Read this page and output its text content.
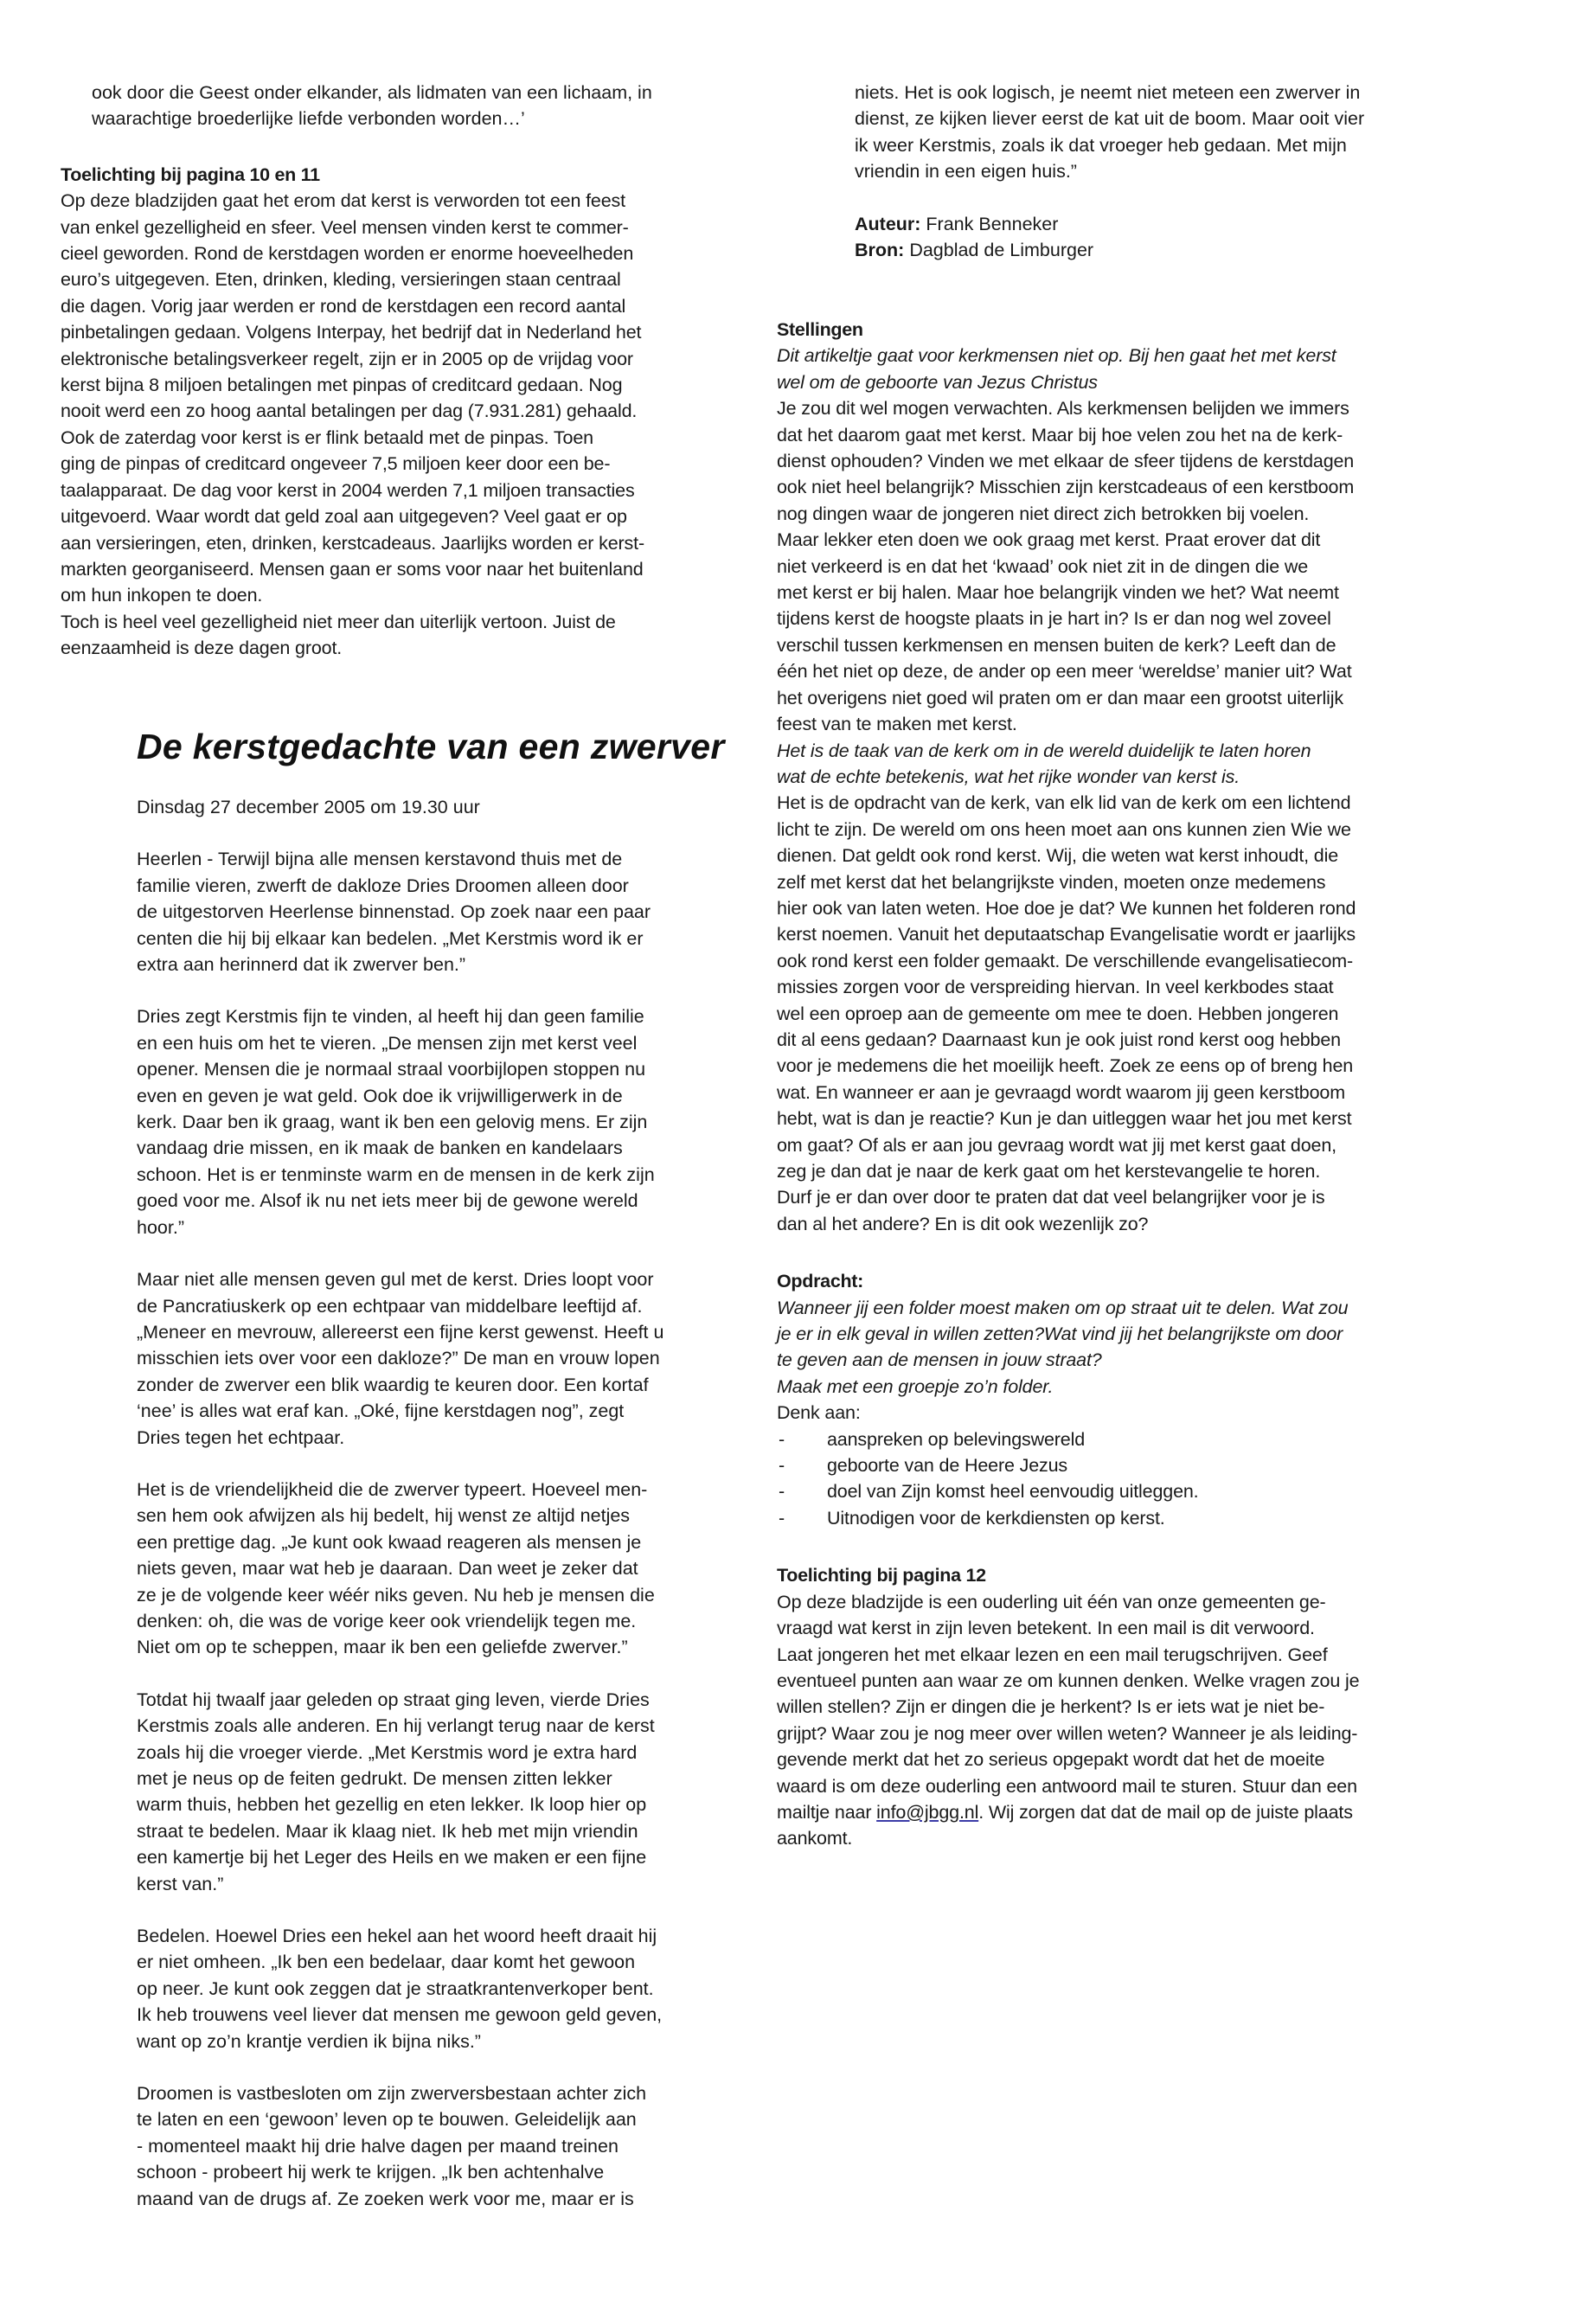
ook door die Geest onder elkander, als lidmaten van een lichaam, in

waarachtige broederlijke liefde verbonden worden…’

Toelichting bij pagina 10 en 11

Op deze bladzijden gaat het erom dat kerst is verworden tot een feest

van enkel gezelligheid en sfeer. Veel mensen vinden kerst te commer-

cieel geworden. Rond de kerstdagen worden er enorme hoeveelheden

euro’s uitgegeven. Eten, drinken, kleding, versieringen staan centraal

die dagen. Vorig jaar werden er rond de kerstdagen een record aantal

pinbetalingen gedaan. Volgens Interpay, het bedrijf dat in Nederland het

elektronische betalingsverkeer regelt, zijn er in 2005 op de vrijdag voor

kerst bijna 8 miljoen betalingen met pinpas of creditcard gedaan. Nog

nooit werd een zo hoog aantal betalingen per dag (7.931.281) gehaald.

Ook de zaterdag voor kerst is er flink betaald met de pinpas. Toen

ging de pinpas of creditcard ongeveer 7,5 miljoen keer door een be-

taalapparaat. De dag voor kerst in 2004 werden 7,1 miljoen transacties

uitgevoerd. Waar wordt dat geld zoal aan uitgegeven? Veel gaat er op

aan versieringen, eten, drinken, kerstcadeaus. Jaarlijks worden er kerst-

markten georganiseerd. Mensen gaan er soms voor naar het buitenland

om hun inkopen te doen.

Toch is heel veel gezelligheid niet meer dan uiterlijk vertoon. Juist de

eenzaamheid is deze dagen groot.

De kerstgedachte van een zwerver

Dinsdag 27 december 2005 om 19.30 uur

Heerlen - Terwijl bijna alle mensen kerstavond thuis met de

familie vieren, zwerft de dakloze Dries Droomen alleen door

de uitgestorven Heerlense binnenstad. Op zoek naar een paar

centen die hij bij elkaar kan bedelen. „Met Kerstmis word ik er

extra aan herinnerd dat ik zwerver ben.”

Dries zegt Kerstmis fijn te vinden, al heeft hij dan geen familie

en een huis om het te vieren. „De mensen zijn met kerst veel

opener. Mensen die je normaal straal voorbijlopen stoppen nu

even en geven je wat geld. Ook doe ik vrijwilligerwerk in de

kerk. Daar ben ik graag, want ik ben een gelovig mens. Er zijn

vandaag drie missen, en ik maak de banken en kandelaars

schoon. Het is er tenminste warm en de mensen in de kerk zijn

goed voor me. Alsof ik nu net iets meer bij de gewone wereld

hoor.”

Maar niet alle mensen geven gul met de kerst. Dries loopt voor

de Pancratiuskerk op een echtpaar van middelbare leeftijd af.

„Meneer en mevrouw, allereerst een fijne kerst gewenst. Heeft u

misschien iets over voor een dakloze?” De man en vrouw lopen

zonder de zwerver een blik waardig te keuren door. Een kortaf

‘nee’ is alles wat eraf kan. „Oké, fijne kerstdagen nog”, zegt

Dries tegen het echtpaar.

Het is de vriendelijkheid die de zwerver typeert. Hoeveel men-

sen hem ook afwijzen als hij bedelt, hij wenst ze altijd netjes

een prettige dag. „Je kunt ook kwaad reageren als mensen je

niets geven, maar wat heb je daaraan. Dan weet je zeker dat

ze je de volgende keer wéér niks geven. Nu heb je mensen die

denken: oh, die was de vorige keer ook vriendelijk tegen me.

Niet om op te scheppen, maar ik ben een geliefde zwerver.”

Totdat hij twaalf jaar geleden op straat ging leven, vierde Dries

Kerstmis zoals alle anderen. En hij verlangt terug naar de kerst

zoals hij die vroeger vierde. „Met Kerstmis word je extra hard

met je neus op de feiten gedrukt. De mensen zitten lekker

warm thuis, hebben het gezellig en eten lekker. Ik loop hier op

straat te bedelen. Maar ik klaag niet. Ik heb met mijn vriendin

een kamertje bij het Leger des Heils en we maken er een fijne

kerst van.”

Bedelen. Hoewel Dries een hekel aan het woord heeft draait hij

er niet omheen. „Ik ben een bedelaar, daar komt het gewoon

op neer. Je kunt ook zeggen dat je straatkrantenverkoper bent.

Ik heb trouwens veel liever dat mensen me gewoon geld geven,

want op zo’n krantje verdien ik bijna niks.”

Droomen is vastbesloten om zijn zwerversbestaan achter zich

te laten en een ‘gewoon’ leven op te bouwen. Geleidelijk aan

- momenteel maakt hij drie halve dagen per maand treinen

schoon - probeert hij werk te krijgen. „Ik ben achtenhalve

maand van de drugs af. Ze zoeken werk voor me, maar er is

niets. Het is ook logisch, je neemt niet meteen een zwerver in

dienst, ze kijken liever eerst de kat uit de boom. Maar ooit vier

ik weer Kerstmis, zoals ik dat vroeger heb gedaan. Met mijn

vriendin in een eigen huis.”

Auteur: Frank Benneker

Bron: Dagblad de Limburger

Stellingen

Dit artikeltje gaat voor kerkmensen niet op. Bij hen gaat het met kerst

wel om de geboorte van Jezus Christus

Je zou dit wel mogen verwachten. Als kerkmensen belijden we immers

dat het daarom gaat met kerst. Maar bij hoe velen zou het na de kerk-

dienst ophouden? Vinden we met elkaar de sfeer tijdens de kerstdagen

ook niet heel belangrijk? Misschien zijn kerstcadeaus of een kerstboom

nog dingen waar de jongeren niet direct zich betrokken bij voelen.

Maar lekker eten doen we ook graag met kerst. Praat erover dat dit

niet verkeerd is en dat het ‘kwaad’ ook niet zit in de dingen die we

met kerst er bij halen. Maar hoe belangrijk vinden we het? Wat neemt

tijdens kerst de hoogste plaats in je hart in? Is er dan nog wel zoveel

verschil tussen kerkmensen en mensen buiten de kerk? Leeft dan de

één het niet op deze, de ander op een meer ‘wereldse’ manier uit? Wat

het overigens niet goed wil praten om er dan maar een grootst uiterlijk

feest van te maken met kerst.

Het is de taak van de kerk om in de wereld duidelijk te laten horen

wat de echte betekenis, wat het rijke wonder van kerst is.

Het is de opdracht van de kerk, van elk lid van de kerk om een lichtend

licht te zijn. De wereld om ons heen moet aan ons kunnen zien Wie we

dienen. Dat geldt ook rond kerst. Wij, die weten wat kerst inhoudt, die

zelf met kerst dat het belangrijkste vinden, moeten onze medemens

hier ook van laten weten. Hoe doe je dat? We kunnen het folderen rond

kerst noemen. Vanuit het deputaatschap Evangelisatie wordt er jaarlijks

ook rond kerst een folder gemaakt. De verschillende evangelisatiecom-

missies zorgen voor de verspreiding hiervan. In veel kerkbodes staat

wel een oproep aan de gemeente om mee te doen. Hebben jongeren

dit al eens gedaan? Daarnaast kun je ook juist rond kerst oog hebben

voor je medemens die het moeilijk heeft. Zoek ze eens op of breng hen

wat. En wanneer er aan je gevraagd wordt waarom jij geen kerstboom

hebt, wat is dan je reactie? Kun je dan uitleggen waar het jou met kerst

om gaat? Of als er aan jou gevraag wordt wat jij met kerst gaat doen,

zeg je dan dat je naar de kerk gaat om het kerstevangelie te horen.

Durf je er dan over door te praten dat dat veel belangrijker voor je is

dan al het andere? En is dit ook wezenlijk zo?

Opdracht:

Wanneer jij een folder moest maken om op straat uit te delen. Wat zou

je er in elk geval in willen zetten?Wat vind jij het belangrijkste om door

te geven aan de mensen in jouw straat?

Maak met een groepje zo’n folder.

Denk aan:

-	aanspreken op belevingswereld
-	geboorte van de Heere Jezus
-	doel van Zijn komst heel eenvoudig uitleggen.
-	Uitnodigen voor de kerkdiensten op kerst.

Toelichting bij pagina 12

Op deze bladzijde is een ouderling uit één van onze gemeenten ge-

vraagd wat kerst in zijn leven betekent. In een mail is dit verwoord.

Laat jongeren het met elkaar lezen en een mail terugschrijven. Geef

eventueel punten aan waar ze om kunnen denken. Welke vragen zou je

willen stellen? Zijn er dingen die je herkent? Is er iets wat je niet be-

grijpt? Waar zou je nog meer over willen weten? Wanneer je als leiding-

gevende merkt dat het zo serieus opgepakt wordt dat het de moeite

waard is om deze ouderling een antwoord mail te sturen. Stuur dan een

mailtje naar info@jbgg.nl. Wij zorgen dat dat de mail op de juiste plaats

aankomt.
